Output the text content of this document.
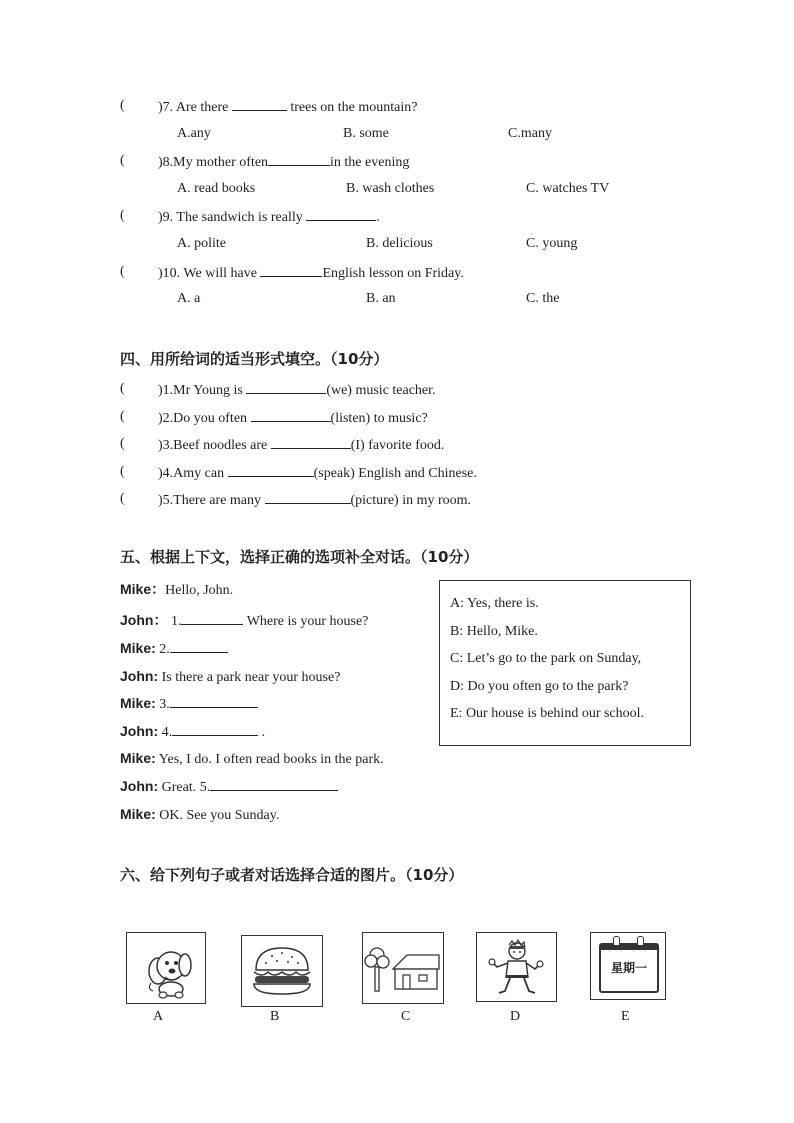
( )7. Are there	trees on the mountain?
A.any	B. some	C.many
( )8.My mother often	in the evening
A. read books	B. wash clothes	C. watches TV
( )9. The sandwich is really	.
A. polite	B. delicious	C. young
( )10. We will have	English lesson on Friday.
A. a	B. an	C. the
四、用所给词的适当形式填空。（10分）
( )1.Mr Young is	(we) music teacher.
( )2.Do you often	(listen) to music?
( )3.Beef noodles are	(I) favorite food.
( )4.Amy can	(speak) English and Chinese.
( )5.There are many	(picture) in my room.
五、根据上下文，选择正确的选项补全对话。（10分）
Mike：Hello, John.
John： 1.	Where is your house?
Mike: 2.
John: Is there a park near your house?
Mike: 3.
John: 4.	.
Mike: Yes, I do. I often read books in the park.
John: Great. 5.
Mike: OK. See you Sunday.
A: Yes, there is.
B: Hello, Mike.
C: Let’s go to the park on Sunday,
D: Do you often go to the park?
E: Our house is behind our school.
六、给下列句子或者对话选择合适的图片。（10分）
A	B	C	D
星期一
E
